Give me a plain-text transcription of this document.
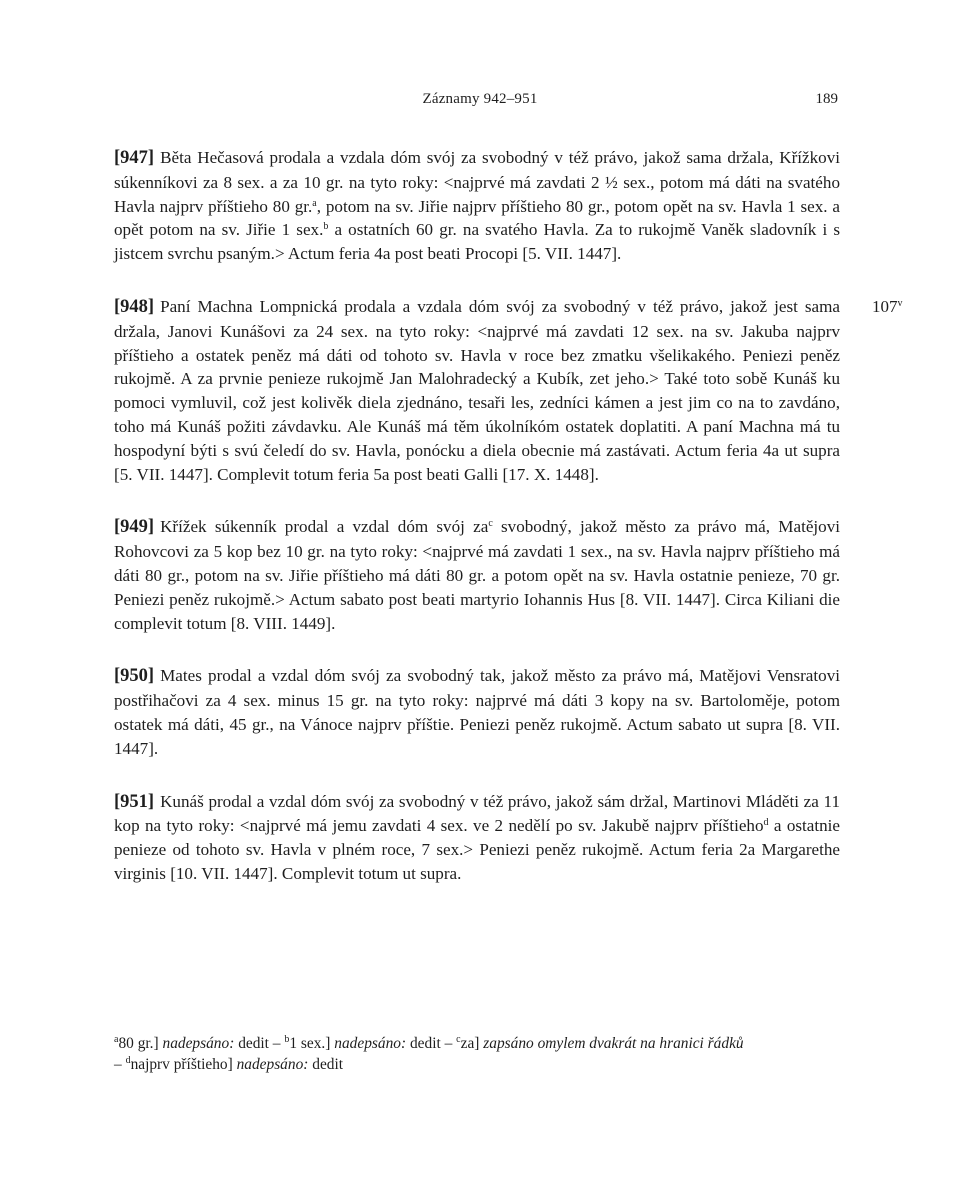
Záznamy 942–951	189

[947] Běta Hečasová prodala a vzdala dóm svój za svobodný v též právo, jakož sama držala, Křížkovi súkenníkovi za 8 sex. a za 10 gr. na tyto roky: <najprvé má zavdati 2 ½ sex., potom má dáti na svatého Havla najprv příštieho 80 gr.$^a$, potom na sv. Jiřie najprv příštieho 80 gr., potom opět na sv. Havla 1 sex. a opět potom na sv. Jiřie 1 sex.$^b$ a ostatních 60 gr. na svatého Havla. Za to rukojmě Vaněk sladovník i s jistcem svrchu psaným.> Actum feria 4a post beati Procopi [5. VII. 1447].

107$^v$
[948] Paní Machna Lompnická prodala a vzdala dóm svój za svobodný v též právo, jakož jest sama držala, Janovi Kunášovi za 24 sex. na tyto roky: <najprvé má zavdati 12 sex. na sv. Jakuba najprv příštieho a ostatek peněz má dáti od tohoto sv. Havla v roce bez zmatku všelikakého. Peniezi peněz rukojmě. A za prvnie penieze rukojmě Jan Malohradecký a Kubík, zet jeho.> Také toto sobě Kunáš ku pomoci vymluvil, což jest kolivěk diela zjednáno, tesaři les, zedníci kámen a jest jim co na to zavdáno, toho má Kunáš požiti závdavku. Ale Kunáš má těm úkolníkóm ostatek doplatiti. A paní Machna má tu hospodyní býti s svú čeledí do sv. Havla, ponócku a diela obecnie má zastávati. Actum feria 4a ut supra [5. VII. 1447]. Complevit totum feria 5a post beati Galli [17. X. 1448].

[949] Křížek súkenník prodal a vzdal dóm svój $za^c$ svobodný, jakož město za právo má, Matějovi Rohovcovi za 5 kop bez 10 gr. na tyto roky: <najprvé má zavdati 1 sex., na sv. Havla najprv příštieho má dáti 80 gr., potom na sv. Jiřie příštieho má dáti 80 gr. a potom opět na sv. Havla ostatnie penieze, 70 gr. Peniezi peněz rukojmě.> Actum sabato post beati martyrio Iohannis Hus [8. VII. 1447]. Circa Kiliani die complevit totum [8. VIII. 1449].

[950] Mates prodal a vzdal dóm svój za svobodný tak, jakož město za právo má, Matějovi Vensratovi postřihačovi za 4 sex. minus 15 gr. na tyto roky: najprvé má dáti 3 kopy na sv. Bartoloměje, potom ostatek má dáti, 45 gr., na Vánoce najprv příštie. Peniezi peněz rukojmě. Actum sabato ut supra [8. VII. 1447].

[951] Kunáš prodal a vzdal dóm svój za svobodný v též právo, jakož sám držal, Martinovi Mláděti za 11 kop na tyto roky: <najprvé má jemu zavdati 4 sex. ve 2 nedělí po sv. Jakubě najprv příštieho$^d$ a ostatnie penieze od tohoto sv. Havla v plném roce, 7 sex.> Peniezi peněz rukojmě. Actum feria 2a Margarethe virginis [10. VII. 1447]. Complevit totum ut supra.

$^a$80 gr.] nadepsáno: dedit – $^b$1 sex.] nadepsáno: dedit – $^c$za] zapsáno omylem dvakrát na hranici řádků
– $^d$najprv příštieho] nadepsáno: dedit
